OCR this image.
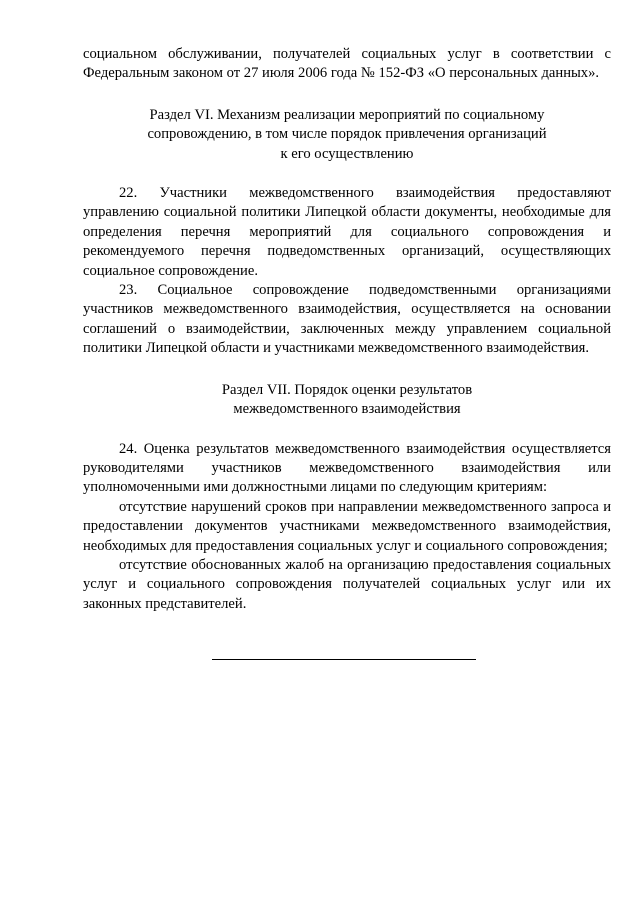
социальном обслуживании, получателей социальных услуг в соответствии с Федеральным законом от 27 июля 2006 года № 152-ФЗ «О персональных данных».

Раздел VI. Механизм реализации мероприятий по социальному
сопровождению, в том числе порядок привлечения организаций
к его осуществлению

22. Участники межведомственного взаимодействия предоставляют управлению социальной политики Липецкой области документы, необходимые для определения перечня мероприятий для социального сопровождения и рекомендуемого перечня подведомственных организаций, осуществляющих социальное сопровождение.

23. Социальное сопровождение подведомственными организациями участников межведомственного взаимодействия, осуществляется на основании соглашений о взаимодействии, заключенных между управлением социальной политики Липецкой области и участниками межведомственного взаимодействия.

Раздел VII. Порядок оценки результатов
межведомственного взаимодействия

24. Оценка результатов межведомственного взаимодействия осуществляется руководителями участников межведомственного взаимодействия или уполномоченными ими должностными лицами по следующим критериям:

отсутствие нарушений сроков при направлении межведомственного запроса и предоставлении документов участниками межведомственного взаимодействия, необходимых для предоставления социальных услуг и социального сопровождения;

отсутствие обоснованных жалоб на организацию предоставления социальных услуг и социального сопровождения получателей социальных услуг или их законных представителей.
